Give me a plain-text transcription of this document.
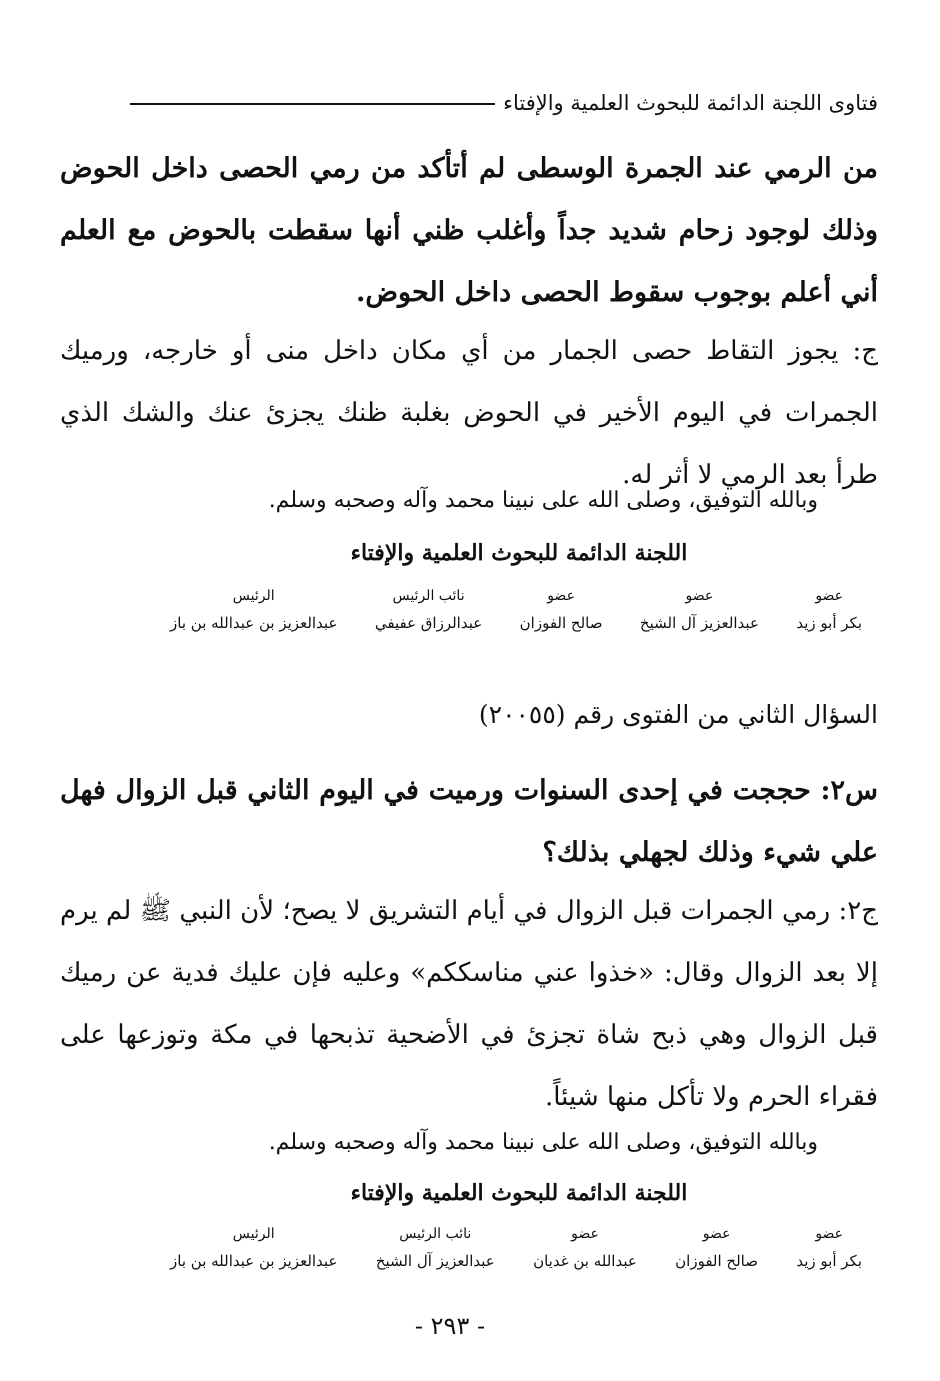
فتاوى اللجنة الدائمة للبحوث العلمية والإفتاء

من الرمي عند الجمرة الوسطى لم أتأكد من رمي الحصى داخل الحوض وذلك لوجود زحام شديد جداً وأغلب ظني أنها سقطت بالحوض مع العلم أني أعلم بوجوب سقوط الحصى داخل الحوض.

ج: يجوز التقاط حصى الجمار من أي مكان داخل منى أو خارجه، ورميك الجمرات في اليوم الأخير في الحوض بغلبة ظنك يجزئ عنك والشك الذي طرأ بعد الرمي لا أثر له.

وبالله التوفيق، وصلى الله على نبينا محمد وآله وصحبه وسلم.

اللجنة الدائمة للبحوث العلمية والإفتاء
عضو
بكر أبو زيد
عضو
عبدالعزيز آل الشيخ
عضو
صالح الفوزان
نائب الرئيس
عبدالرزاق عفيفي
الرئيس
عبدالعزيز بن عبدالله بن باز
السؤال الثاني من الفتوى رقم (٢٠٠٥٥)

س٢: حججت في إحدى السنوات ورميت في اليوم الثاني قبل الزوال فهل علي شيء وذلك لجهلي بذلك؟

ج٢: رمي الجمرات قبل الزوال في أيام التشريق لا يصح؛ لأن النبي ﷺ لم يرم إلا بعد الزوال وقال: «خذوا عني مناسككم» وعليه فإن عليك فدية عن رميك قبل الزوال وهي ذبح شاة تجزئ في الأضحية تذبحها في مكة وتوزعها على فقراء الحرم ولا تأكل منها شيئاً.

وبالله التوفيق، وصلى الله على نبينا محمد وآله وصحبه وسلم.

اللجنة الدائمة للبحوث العلمية والإفتاء
عضو
بكر أبو زيد
عضو
صالح الفوزان
عضو
عبدالله بن غديان
نائب الرئيس
عبدالعزيز آل الشيخ
الرئيس
عبدالعزيز بن عبدالله بن باز
- ٢٩٣ -
